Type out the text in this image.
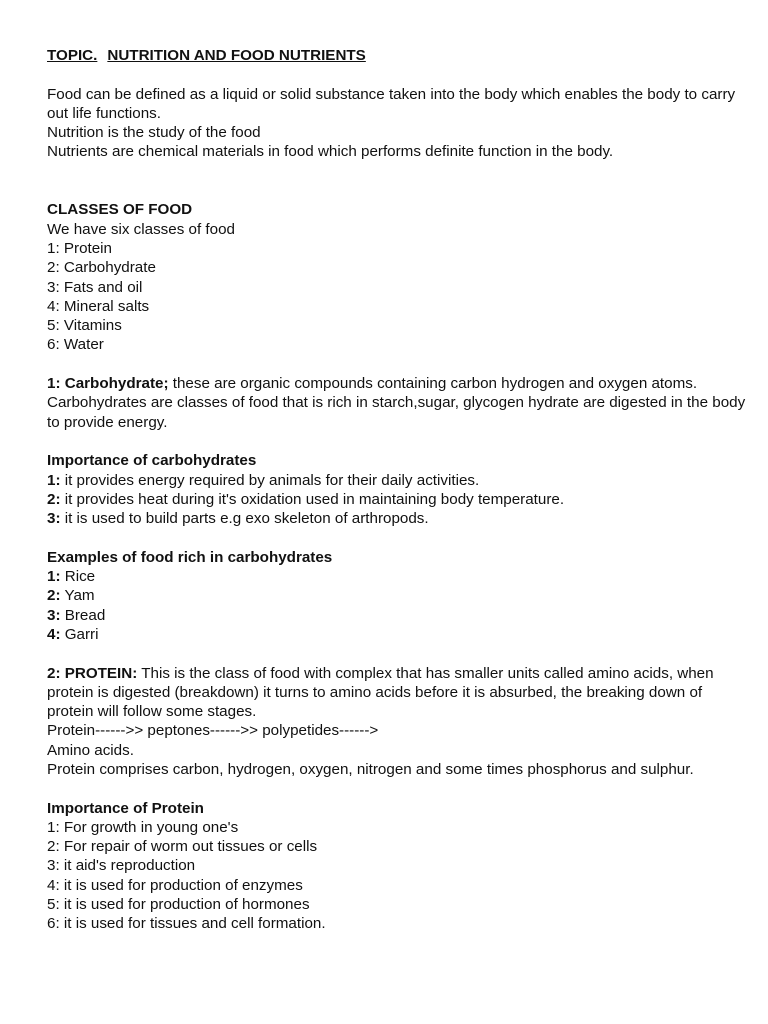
TOPIC. NUTRITION AND FOOD NUTRIENTS
Food can be defined as a liquid or solid substance taken into the body which enables the body to carry out life functions.
Nutrition is the study of the food
Nutrients are chemical materials in food which performs definite function in the body.
CLASSES OF FOOD
We have six classes of food
1: Protein
2: Carbohydrate
3: Fats and oil
4: Mineral salts
5: Vitamins
6: Water
1: Carbohydrate; these are organic compounds containing carbon hydrogen and oxygen atoms.
Carbohydrates are classes of food that is rich in starch,sugar, glycogen hydrate are digested in the body to provide energy.
Importance of carbohydrates
1: it provides energy required by animals for their daily activities.
2: it provides heat during it's oxidation used in maintaining body temperature.
3: it is used to build parts e.g exo skeleton of arthropods.
Examples of food rich in carbohydrates
1: Rice
2: Yam
3: Bread
4: Garri
2: PROTEIN: This is the class of food with complex that has smaller units called amino acids, when protein is digested (breakdown) it turns to amino acids before it is absurbed, the breaking down of protein will follow some stages.
Protein------>> peptones------>> polypetides------>
Amino acids.
Protein comprises carbon, hydrogen, oxygen, nitrogen and some times phosphorus and sulphur.
Importance of Protein
1: For growth in young one's
2: For repair of worm out tissues or cells
3: it aid's reproduction
4: it is used for production of enzymes
5: it is used for production of hormones
6: it is used for tissues and cell formation.
